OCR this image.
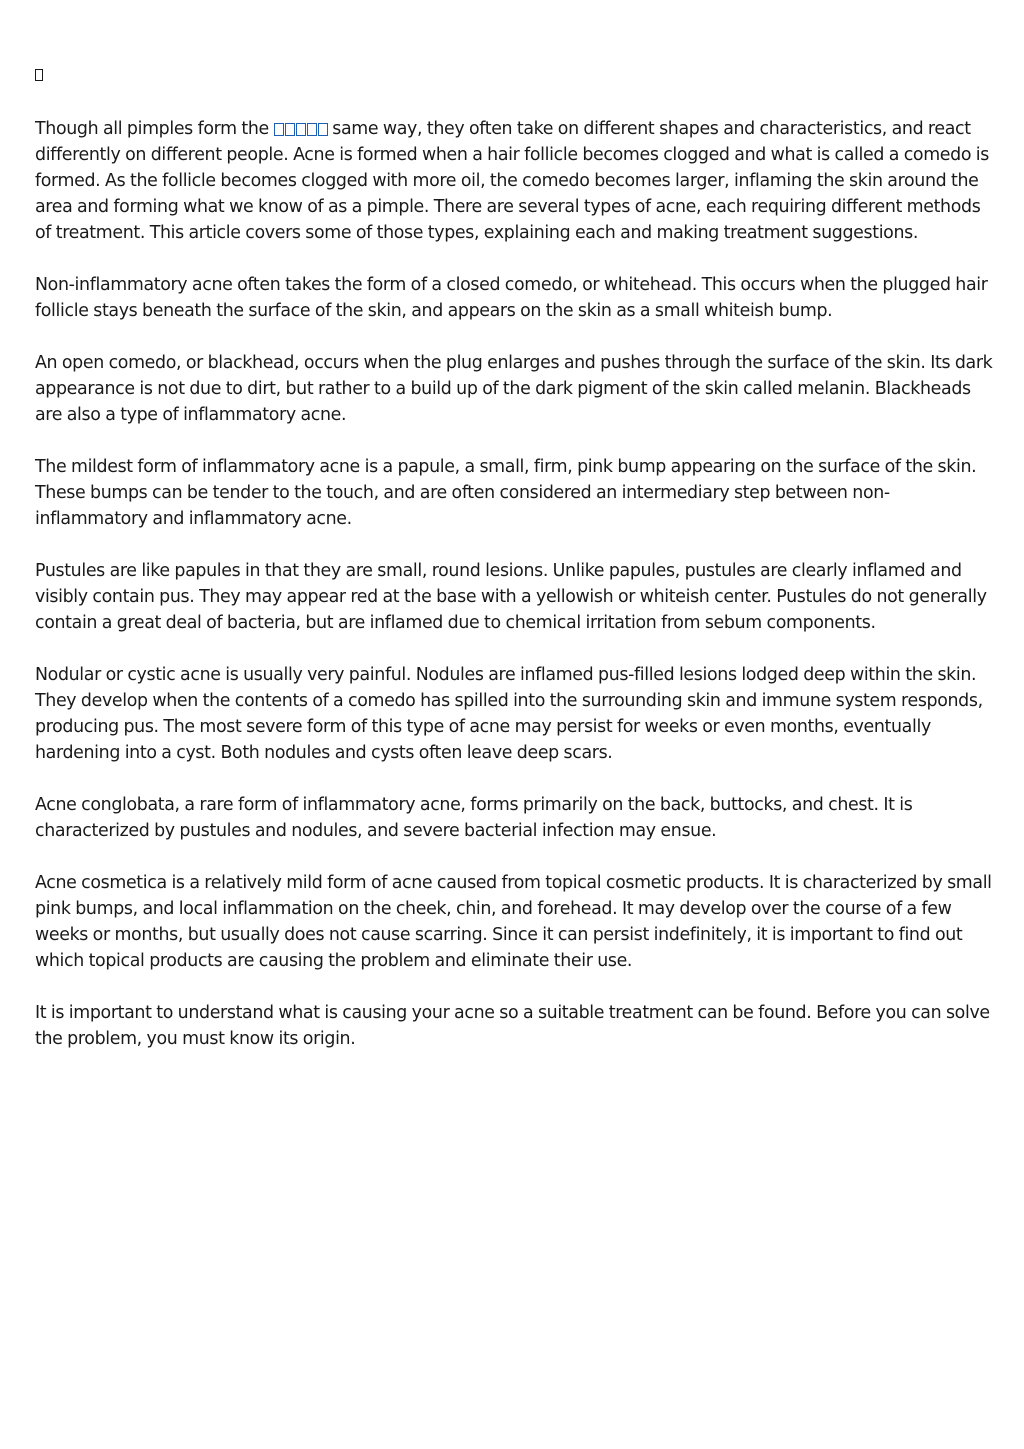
Though all pimples form the	same way, they often take on different shapes and characteristics, and react differently on different people. Acne is formed when a hair follicle becomes clogged and what is called a comedo is formed. As the follicle becomes clogged with more oil, the comedo becomes larger, inflaming the skin around the area and forming what we know of as a pimple. There are several types of acne, each requiring different methods of treatment. This article covers some of those types, explaining each and making treatment suggestions.

Non-inflammatory acne often takes the form of a closed comedo, or whitehead. This occurs when the plugged hair follicle stays beneath the surface of the skin, and appears on the skin as a small whiteish bump.

An open comedo, or blackhead, occurs when the plug enlarges and pushes through the surface of the skin. Its dark appearance is not due to dirt, but rather to a build up of the dark pigment of the skin called melanin. Blackheads are also a type of inflammatory acne.

The mildest form of inflammatory acne is a papule, a small, firm, pink bump appearing on the surface of the skin. These bumps can be tender to the touch, and are often considered an intermediary step between non-inflammatory and inflammatory acne.

Pustules are like papules in that they are small, round lesions. Unlike papules, pustules are clearly inflamed and visibly contain pus. They may appear red at the base with a yellowish or whiteish center. Pustules do not generally contain a great deal of bacteria, but are inflamed due to chemical irritation from sebum components.

Nodular or cystic acne is usually very painful. Nodules are inflamed pus-filled lesions lodged deep within the skin. They develop when the contents of a comedo has spilled into the surrounding skin and immune system responds, producing pus. The most severe form of this type of acne may persist for weeks or even months, eventually hardening into a cyst. Both nodules and cysts often leave deep scars.

Acne conglobata, a rare form of inflammatory acne, forms primarily on the back, buttocks, and chest. It is characterized by pustules and nodules, and severe bacterial infection may ensue.

Acne cosmetica is a relatively mild form of acne caused from topical cosmetic products. It is characterized by small pink bumps, and local inflammation on the cheek, chin, and forehead. It may develop over the course of a few weeks or months, but usually does not cause scarring. Since it can persist indefinitely, it is important to find out which topical products are causing the problem and eliminate their use.

It is important to understand what is causing your acne so a suitable treatment can be found. Before you can solve the problem, you must know its origin.
